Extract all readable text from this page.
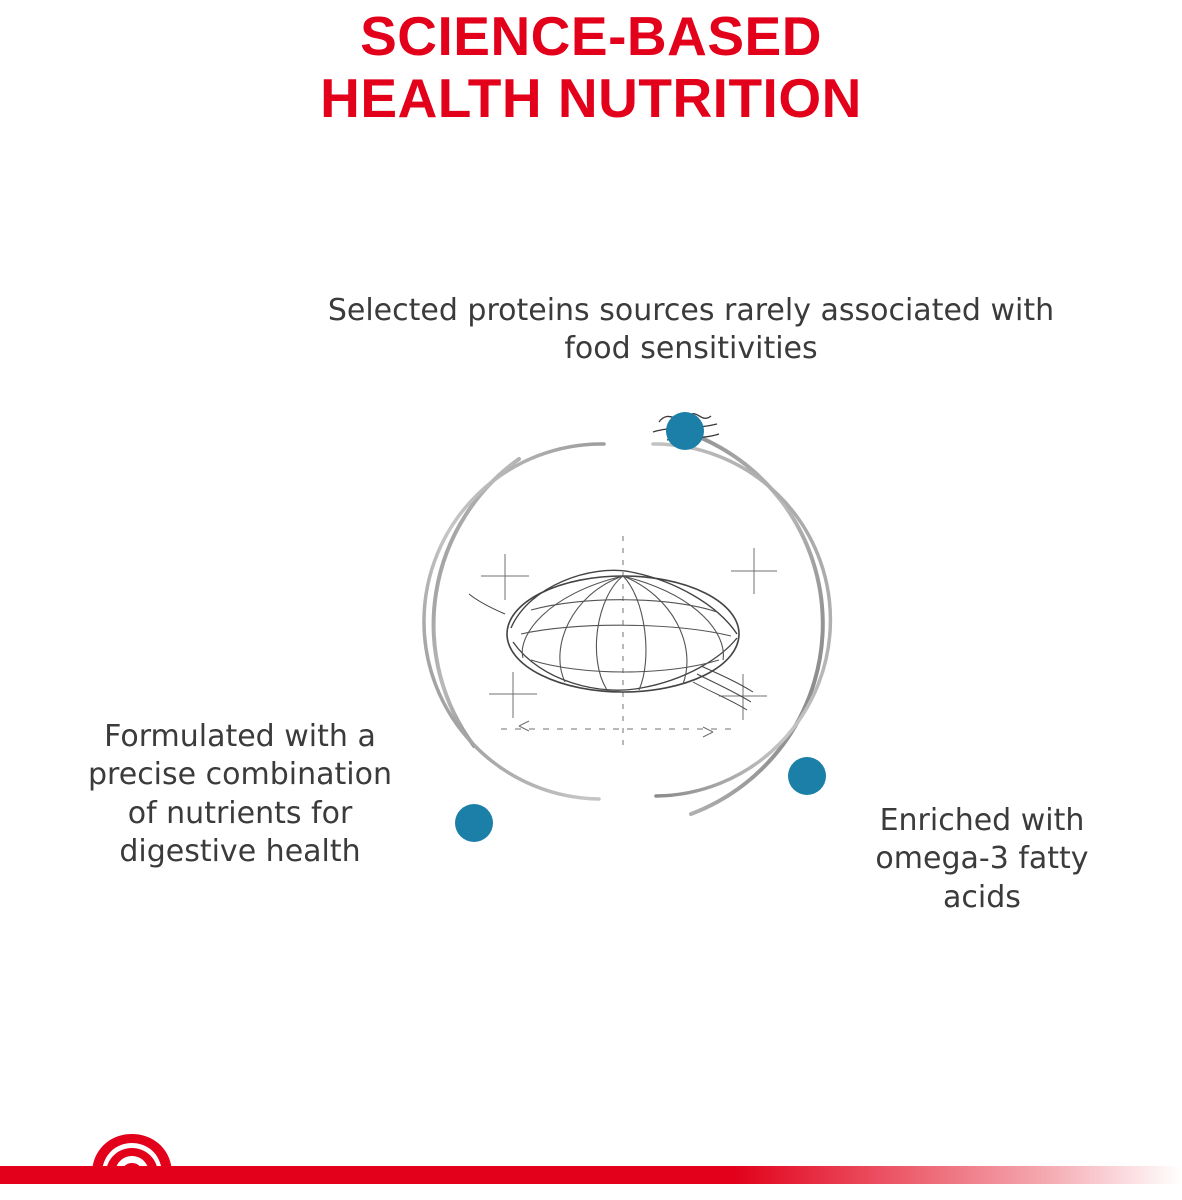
SCIENCE-BASED
HEALTH NUTRITION
Selected proteins sources rarely associated with food sensitivities
Formulated with a precise combination of nutrients for digestive health
Enriched with omega-3 fatty acids
